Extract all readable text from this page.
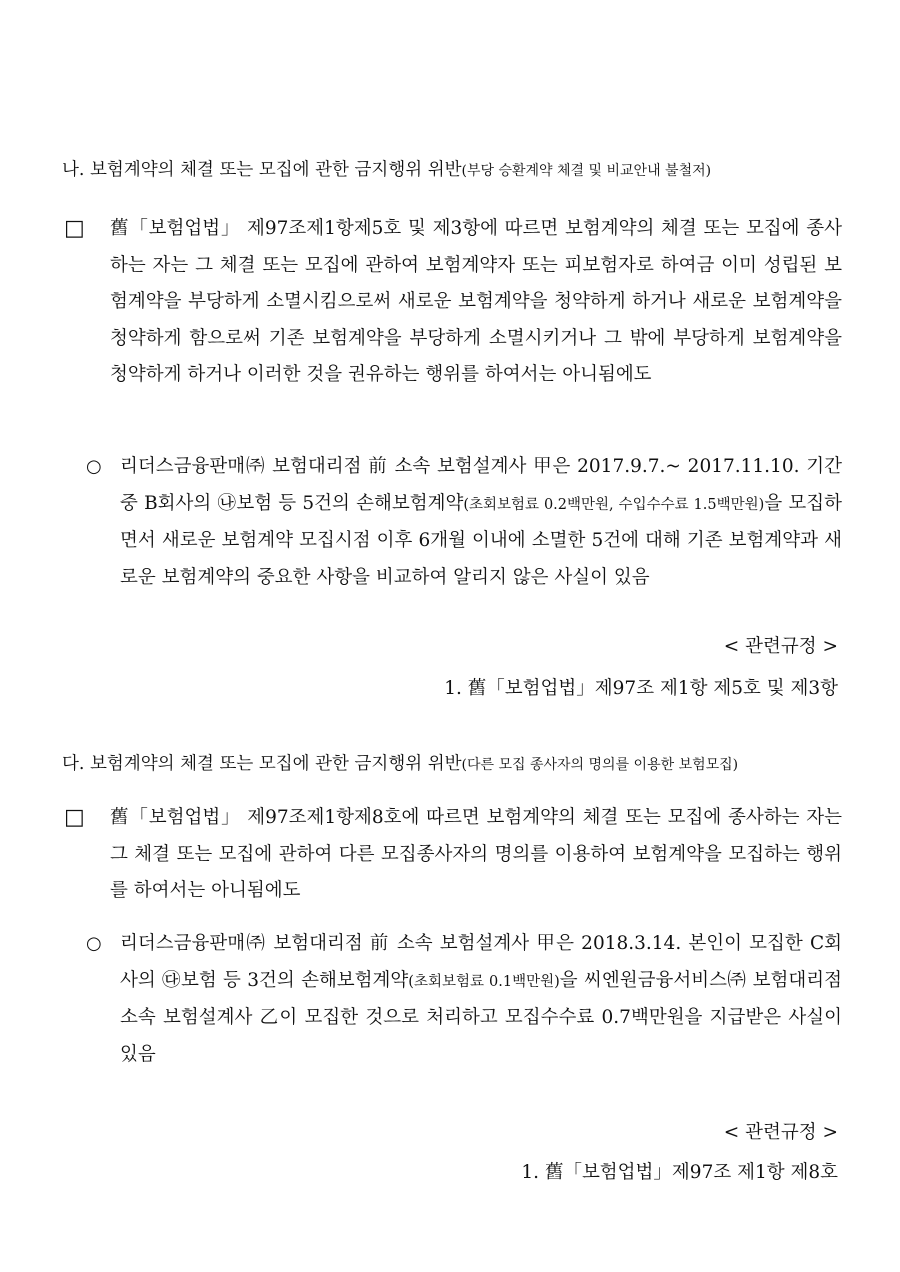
나. 보험계약의 체결 또는 모집에 관한 금지행위 위반(부당 승환계약 체결 및 비교안내 불철저)
□ 舊「보험업법」 제97조제1항제5호 및 제3항에 따르면 보험계약의 체결 또는 모집에 종사하는 자는 그 체결 또는 모집에 관하여 보험계약자 또는 피보험자로 하여금 이미 성립된 보험계약을 부당하게 소멸시킴으로써 새로운 보험계약을 청약하게 하거나 새로운 보험계약을 청약하게 함으로써 기존 보험계약을 부당하게 소멸시키거나 그 밖에 부당하게 보험계약을 청약하게 하거나 이러한 것을 권유하는 행위를 하여서는 아니됨에도
○ 리더스금융판매㈜ 보험대리점 前 소속 보험설계사 甲은 2017.9.7.~ 2017.11.10. 기간 중 B회사의 ㉯보험 등 5건의 손해보험계약(초회보험료 0.2백만원, 수입수수료 1.5백만원)을 모집하면서 새로운 보험계약 모집시점 이후 6개월 이내에 소멸한 5건에 대해 기존 보험계약과 새로운 보험계약의 중요한 사항을 비교하여 알리지 않은 사실이 있음
< 관련규정 >
1. 舊「보험업법」제97조 제1항 제5호 및 제3항
다. 보험계약의 체결 또는 모집에 관한 금지행위 위반(다른 모집 종사자의 명의를 이용한 보험모집)
□ 舊「보험업법」 제97조제1항제8호에 따르면 보험계약의 체결 또는 모집에 종사하는 자는 그 체결 또는 모집에 관하여 다른 모집종사자의 명의를 이용하여 보험계약을 모집하는 행위를 하여서는 아니됨에도
○ 리더스금융판매㈜ 보험대리점 前 소속 보험설계사 甲은 2018.3.14. 본인이 모집한 C회사의 ㉰보험 등 3건의 손해보험계약(초회보험료 0.1백만원)을 씨엔원금융서비스㈜ 보험대리점 소속 보험설계사 乙이 모집한 것으로 처리하고 모집수수료 0.7백만원을 지급받은 사실이 있음
< 관련규정 >
1. 舊「보험업법」제97조 제1항 제8호
